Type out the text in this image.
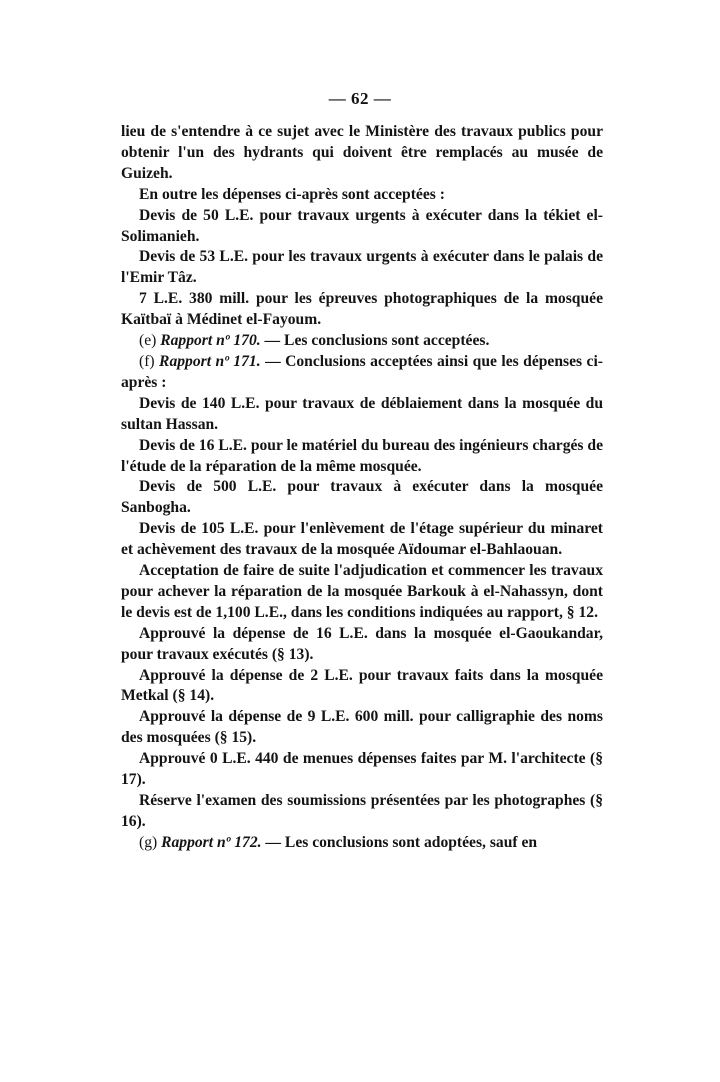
— 62 —

lieu de s'entendre à ce sujet avec le Ministère des travaux publics pour obtenir l'un des hydrants qui doivent être remplacés au musée de Guizeh.

En outre les dépenses ci-après sont acceptées :

Devis de 50 L.E. pour travaux urgents à exécuter dans la tékiet el-Solimanieh.

Devis de 53 L.E. pour les travaux urgents à exécuter dans le palais de l'Emir Tâz.

7 L.E. 380 mill. pour les épreuves photographiques de la mosquée Kaïtbaï à Médinet el-Fayoum.

(e) Rapport nº 170. — Les conclusions sont acceptées.

(f) Rapport nº 171. — Conclusions acceptées ainsi que les dépenses ci-après :

Devis de 140 L.E. pour travaux de déblaiement dans la mosquée du sultan Hassan.

Devis de 16 L.E. pour le matériel du bureau des ingénieurs chargés de l'étude de la réparation de la même mosquée.

Devis de 500 L.E. pour travaux à exécuter dans la mosquée Sanbogha.

Devis de 105 L.E. pour l'enlèvement de l'étage supérieur du minaret et achèvement des travaux de la mosquée Aïdoumar el-Bahlaouan.

Acceptation de faire de suite l'adjudication et commencer les travaux pour achever la réparation de la mosquée Barkouk à el-Nahassyn, dont le devis est de 1,100 L.E., dans les conditions indiquées au rapport, § 12.

Approuvé la dépense de 16 L.E. dans la mosquée el-Gaoukandar, pour travaux exécutés (§ 13).

Approuvé la dépense de 2 L.E. pour travaux faits dans la mosquée Metkal (§ 14).

Approuvé la dépense de 9 L.E. 600 mill. pour calligraphie des noms des mosquées (§ 15).

Approuvé 0 L.E. 440 de menues dépenses faites par M. l'architecte (§ 17).

Réserve l'examen des soumissions présentées par les photographes (§ 16).

(g) Rapport nº 172. — Les conclusions sont adoptées, sauf en
